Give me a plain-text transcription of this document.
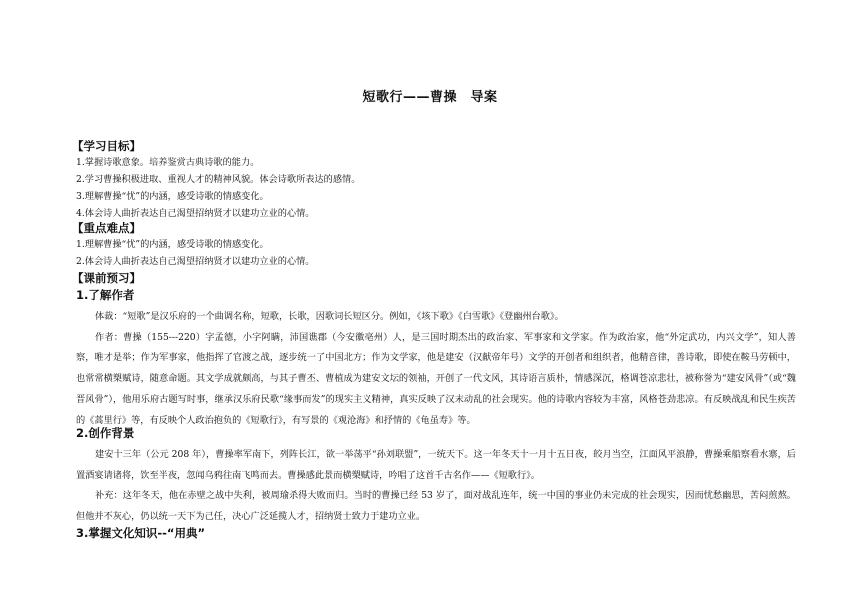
短歌行——曹操　导案
【学习目标】
1.掌握诗歌意象。培养鉴赏古典诗歌的能力。
2.学习曹操积极进取、重视人才的精神风貌。体会诗歌所表达的感情。
3.理解曹操“忧”的内涵，感受诗歌的情感变化。
4.体会诗人曲折表达自己渴望招纳贤才以建功立业的心情。
【重点难点】
1.理解曹操“忧”的内涵，感受诗歌的情感变化。
2.体会诗人曲折表达自己渴望招纳贤才以建功立业的心情。
【课前预习】
1.了解作者
体裁：“短歌”是汉乐府的一个曲调名称，短歌，长歌，因歌词长短区分。例如，《垓下歌》《白雪歌》《登幽州台歌》。
作者：曹操（155---220）字孟德，小字阿瞒，沛国谯郡（今安徽亳州）人，是三国时期杰出的政治家、军事家和文学家。作为政治家，他“外定武功，内兴文学”，知人善察，唯才是举；作为军事家，他指挥了官渡之战，逐步统一了中国北方；作为文学家，他是建安（汉献帝年号）文学的开创者和组织者，他精音律，善诗歌，即使在鞍马劳顿中，也常常横槊赋诗，随意命题。其文学成就颇高，与其子曹丕、曹植成为建安文坛的领袖，开创了一代文风，其诗语言质朴，情感深沉，格调苍凉悲壮，被称誉为“建安风骨”（或“魏晋风骨”），他用乐府古题写时事，继承汉乐府民歌“缘事而发”的现实主义精神，真实反映了汉末动乱的社会现实。他的诗歌内容较为丰富，风格苍劲悲凉。有反映战乱和民生疾苦的《蒿里行》等，有反映个人政治抱负的《短歌行》，有写景的《观沧海》和抒情的《龟虽寿》等。
2.创作背景
建安十三年（公元 208 年），曹操率军南下，列阵长江，欲一举荡平“孙刘联盟”，一统天下。这一年冬天十一月十五日夜，皎月当空，江面风平浪静，曹操乘船察看水寨，后置酒宴请诸将，饮至半夜，忽闻乌鸦往南飞鸣而去。曹操感此景而横槊赋诗，吟唱了这首千古名作——《短歌行》。
补充：这年冬天，他在赤壁之战中失利，被周瑜杀得大败而归。当时的曹操已经 53 岁了，面对战乱连年，统一中国的事业仍未完成的社会现实，因而忧愁幽思，苦闷煎熬。但他并不灰心，仍以统一天下为己任，决心广泛延揽人才，招纳贤士致力于建功立业。
3.掌握文化知识--“用典”
